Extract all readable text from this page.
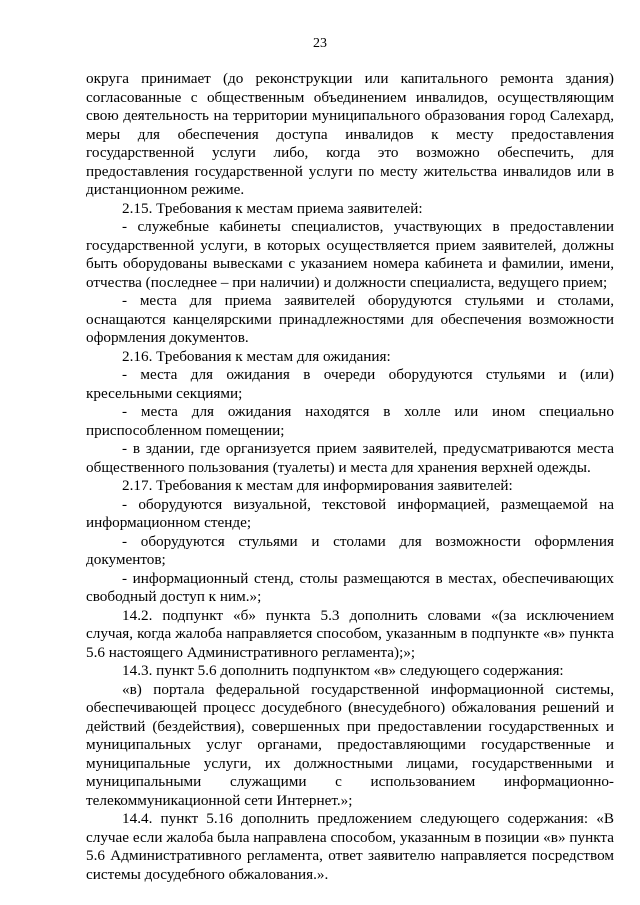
23

округа принимает (до реконструкции или капитального ремонта здания) согласованные с общественным объединением инвалидов, осуществляющим свою деятельность на территории муниципального образования город Салехард, меры для обеспечения доступа инвалидов к месту предоставления государственной услуги либо, когда это возможно обеспечить, для предоставления государственной услуги по месту жительства инвалидов или в дистанционном режиме.

2.15. Требования к местам приема заявителей:

- служебные кабинеты специалистов, участвующих в предоставлении государственной услуги, в которых осуществляется прием заявителей, должны быть оборудованы вывесками с указанием номера кабинета и фамилии, имени, отчества (последнее – при наличии) и должности специалиста, ведущего прием;

- места для приема заявителей оборудуются стульями и столами, оснащаются канцелярскими принадлежностями для обеспечения возможности оформления документов.

2.16. Требования к местам для ожидания:

- места для ожидания в очереди оборудуются стульями и (или) кресельными секциями;

- места для ожидания находятся в холле или ином специально приспособленном помещении;

- в здании, где организуется прием заявителей, предусматриваются места общественного пользования (туалеты) и места для хранения верхней одежды.

2.17. Требования к местам для информирования заявителей:

- оборудуются визуальной, текстовой информацией, размещаемой на информационном стенде;

- оборудуются стульями и столами для возможности оформления документов;

- информационный стенд, столы размещаются в местах, обеспечивающих свободный доступ к ним.»;

14.2. подпункт «б» пункта 5.3 дополнить словами «(за исключением случая, когда жалоба направляется способом, указанным в подпункте «в» пункта 5.6 настоящего Административного регламента);»;

14.3. пункт 5.6 дополнить подпунктом «в» следующего содержания:

«в) портала федеральной государственной информационной системы, обеспечивающей процесс досудебного (внесудебного) обжалования решений и действий (бездействия), совершенных при предоставлении государственных и муниципальных услуг органами, предоставляющими государственные и муниципальные услуги, их должностными лицами, государственными и муниципальными служащими с использованием информационно-телекоммуникационной сети Интернет.»;

14.4. пункт 5.16 дополнить предложением следующего содержания: «В случае если жалоба была направлена способом, указанным в позиции «в» пункта 5.6 Административного регламента, ответ заявителю направляется посредством системы досудебного обжалования.».
